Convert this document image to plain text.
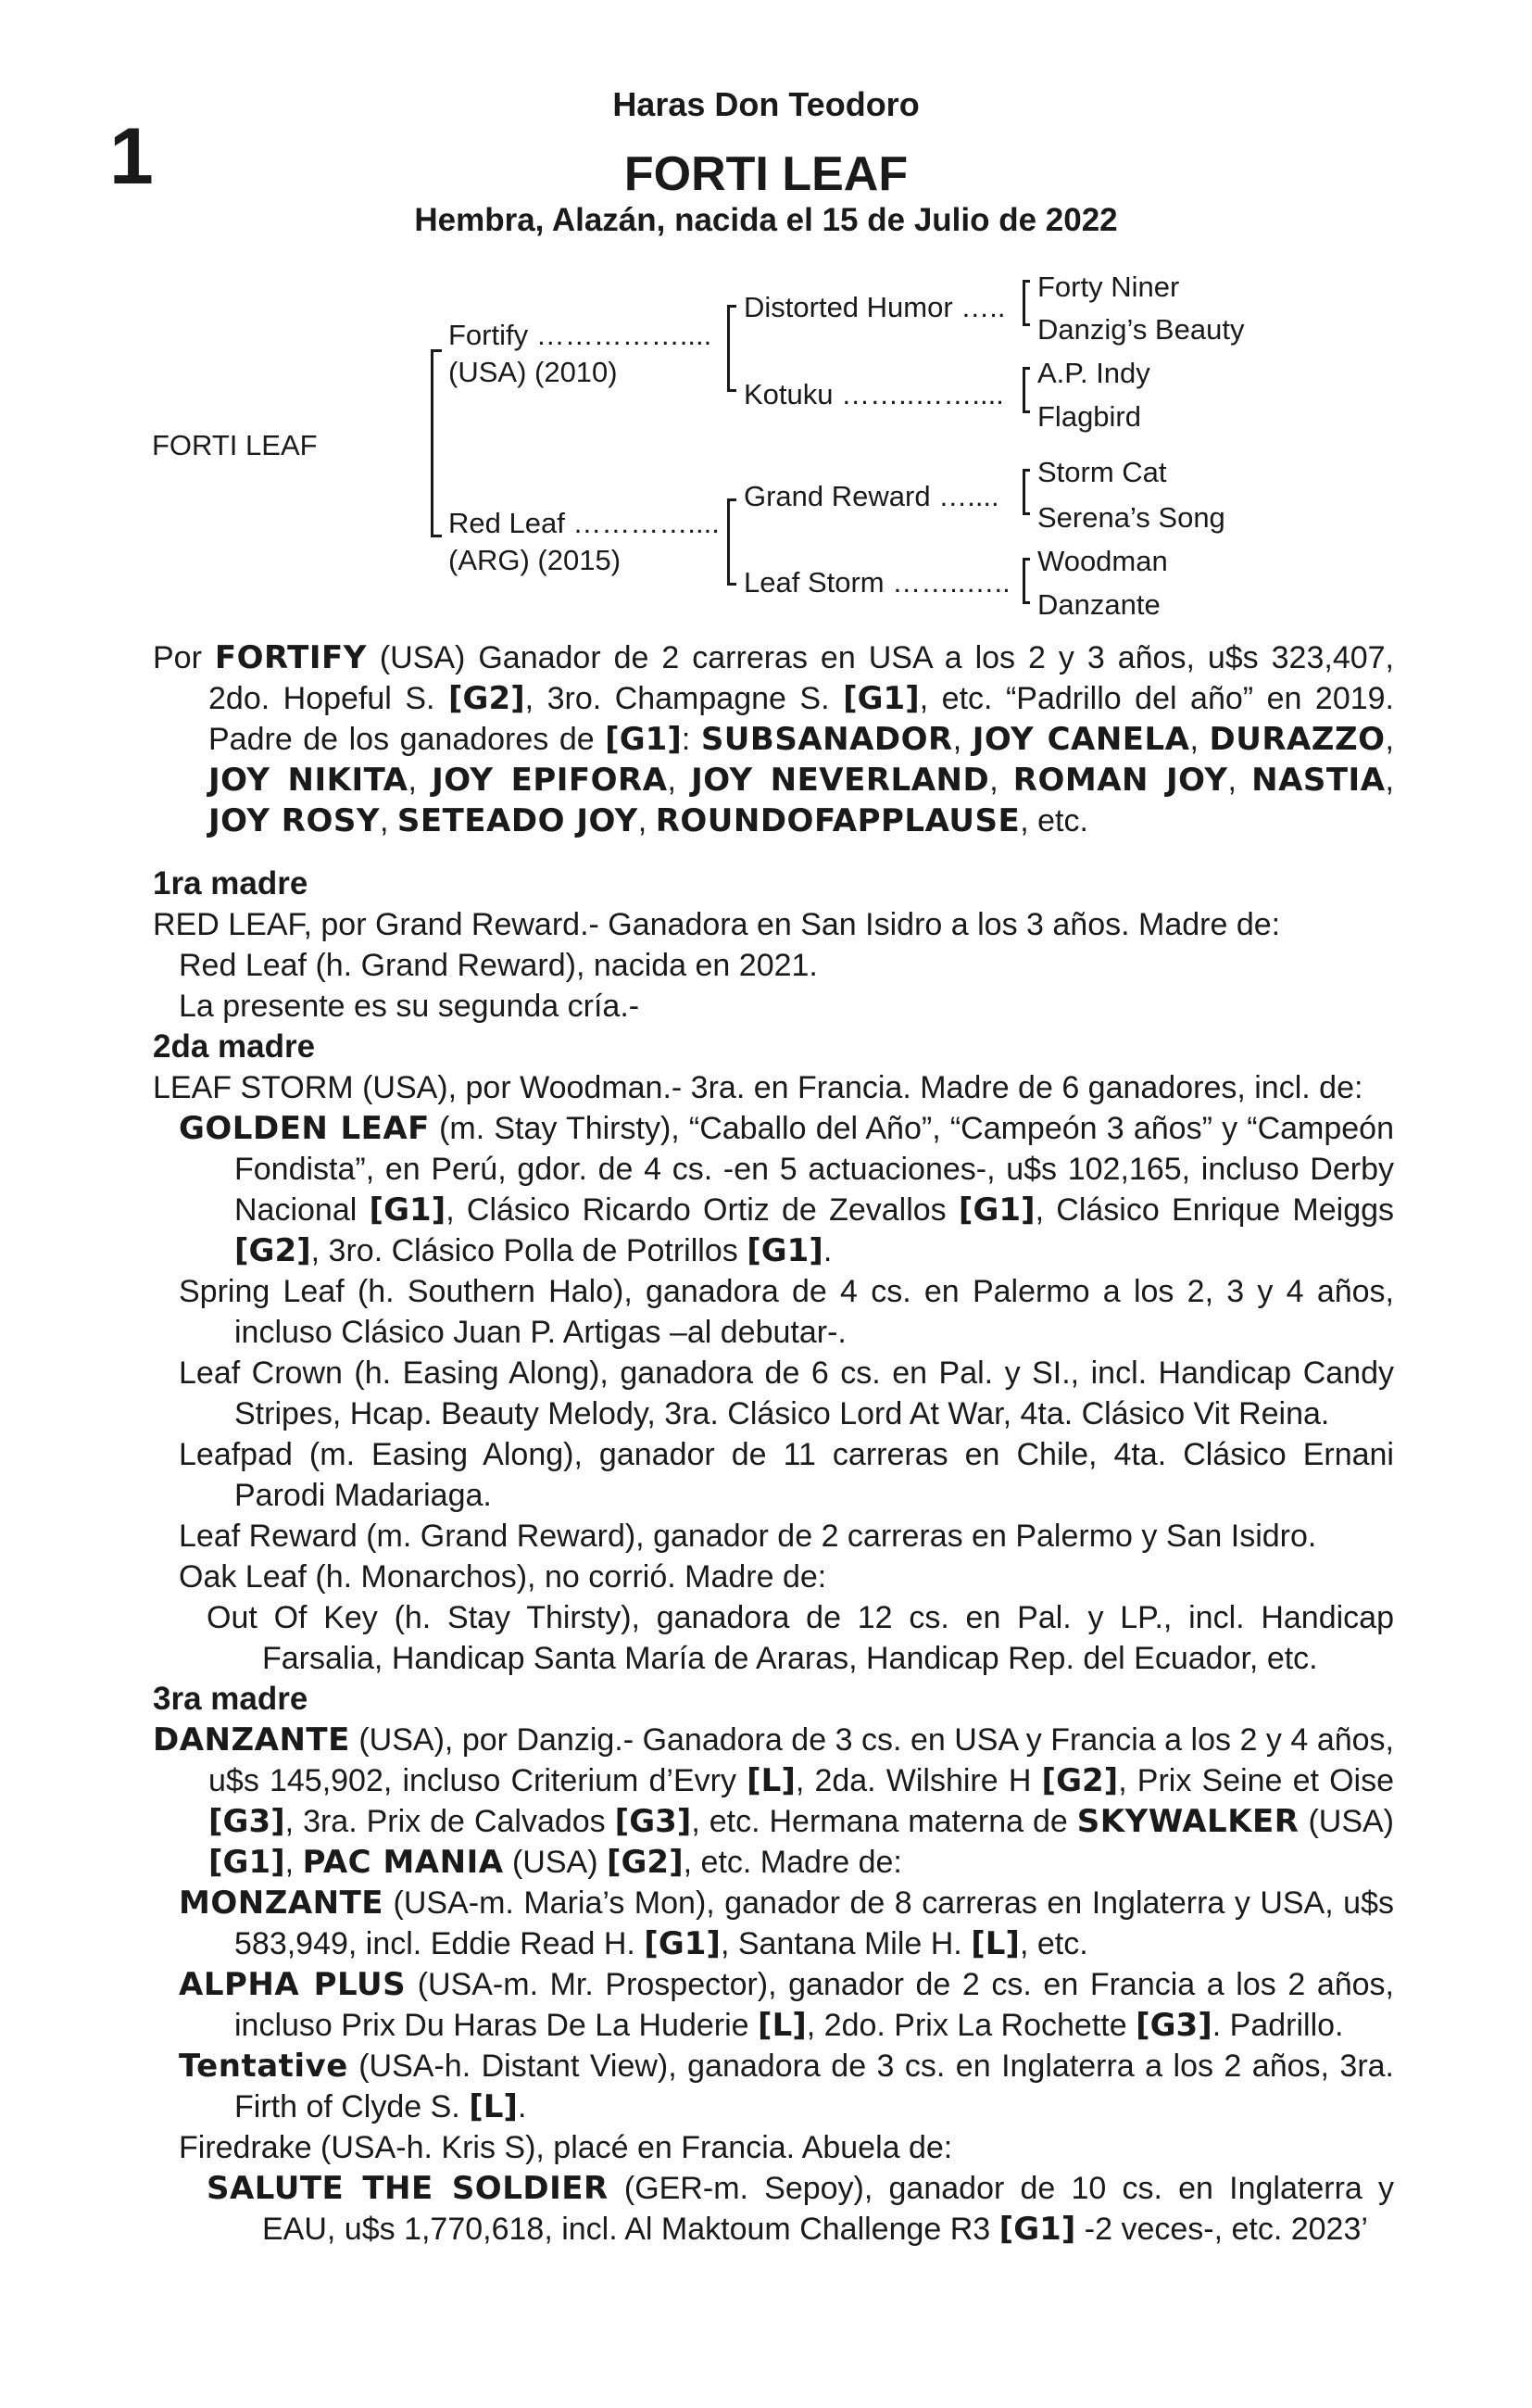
1
Haras Don Teodoro
FORTI LEAF
Hembra, Alazán, nacida el 15 de Julio de 2022
FORTI LEAF
Fortify ……………....
(USA) (2010)
Red Leaf …………....
(ARG) (2015)
Distorted Humor …..
Kotuku ……..……....
Grand Reward …....
Leaf Storm ……..…..
Forty Niner
Danzig’s Beauty
A.P. Indy
Flagbird
Storm Cat
Serena’s Song
Woodman
Danzante

Por FORTIFY (USA) Ganador de 2 carreras en USA a los 2 y 3 años, u$s 323,407, 2do. Hopeful S. [G2], 3ro. Champagne S. [G1], etc. “Padrillo del año” en 2019. Padre de los ganadores de [G1]: SUBSANADOR, JOY CANELA, DURAZZO, JOY NIKITA, JOY EPIFORA, JOY NEVERLAND, ROMAN JOY, NASTIA, JOY ROSY, SETEADO JOY, ROUNDOFAPPLAUSE, etc.

1ra madre

RED LEAF, por Grand Reward.- Ganadora en San Isidro a los 3 años. Madre de:

Red Leaf (h. Grand Reward), nacida en 2021.

La presente es su segunda cría.-

2da madre

LEAF STORM (USA), por Woodman.- 3ra. en Francia. Madre de 6 ganadores, incl. de:

GOLDEN LEAF (m. Stay Thirsty), “Caballo del Año”, “Campeón 3 años” y “Campeón Fondista”, en Perú, gdor. de 4 cs. -en 5 actuaciones-, u$s 102,165, incluso Derby Nacional [G1], Clásico Ricardo Ortiz de Zevallos [G1], Clásico Enrique Meiggs [G2], 3ro. Clásico Polla de Potrillos [G1].

Spring Leaf (h. Southern Halo), ganadora de 4 cs. en Palermo a los 2, 3 y 4 años, incluso Clásico Juan P. Artigas –al debutar-.

Leaf Crown (h. Easing Along), ganadora de 6 cs. en Pal. y SI., incl. Handicap Candy Stripes, Hcap. Beauty Melody, 3ra. Clásico Lord At War, 4ta. Clásico Vit Reina.

Leafpad (m. Easing Along), ganador de 11 carreras en Chile, 4ta. Clásico Ernani Parodi Madariaga.

Leaf Reward (m. Grand Reward), ganador de 2 carreras en Palermo y San Isidro.

Oak Leaf (h. Monarchos), no corrió. Madre de:

Out Of Key (h. Stay Thirsty), ganadora de 12 cs. en Pal. y LP., incl. Handicap Farsalia, Handicap Santa María de Araras, Handicap Rep. del Ecuador, etc.

3ra madre

DANZANTE (USA), por Danzig.- Ganadora de 3 cs. en USA y Francia a los 2 y 4 años, u$s 145,902, incluso Criterium d’Evry [L], 2da. Wilshire H [G2], Prix Seine et Oise [G3], 3ra. Prix de Calvados [G3], etc. Hermana materna de SKYWALKER (USA) [G1], PAC MANIA (USA) [G2], etc. Madre de:

MONZANTE (USA-m. Maria’s Mon), ganador de 8 carreras en Inglaterra y USA, u$s 583,949, incl. Eddie Read H. [G1], Santana Mile H. [L], etc.

ALPHA PLUS (USA-m. Mr. Prospector), ganador de 2 cs. en Francia a los 2 años, incluso Prix Du Haras De La Huderie [L], 2do. Prix La Rochette [G3]. Padrillo.

Tentative (USA-h. Distant View), ganadora de 3 cs. en Inglaterra a los 2 años, 3ra. Firth of Clyde S. [L].

Firedrake (USA-h. Kris S), placé en Francia. Abuela de:

SALUTE THE SOLDIER (GER-m. Sepoy), ganador de 10 cs. en Inglaterra y EAU, u$s 1,770,618, incl. Al Maktoum Challenge R3 [G1] -2 veces-, etc. 2023’
